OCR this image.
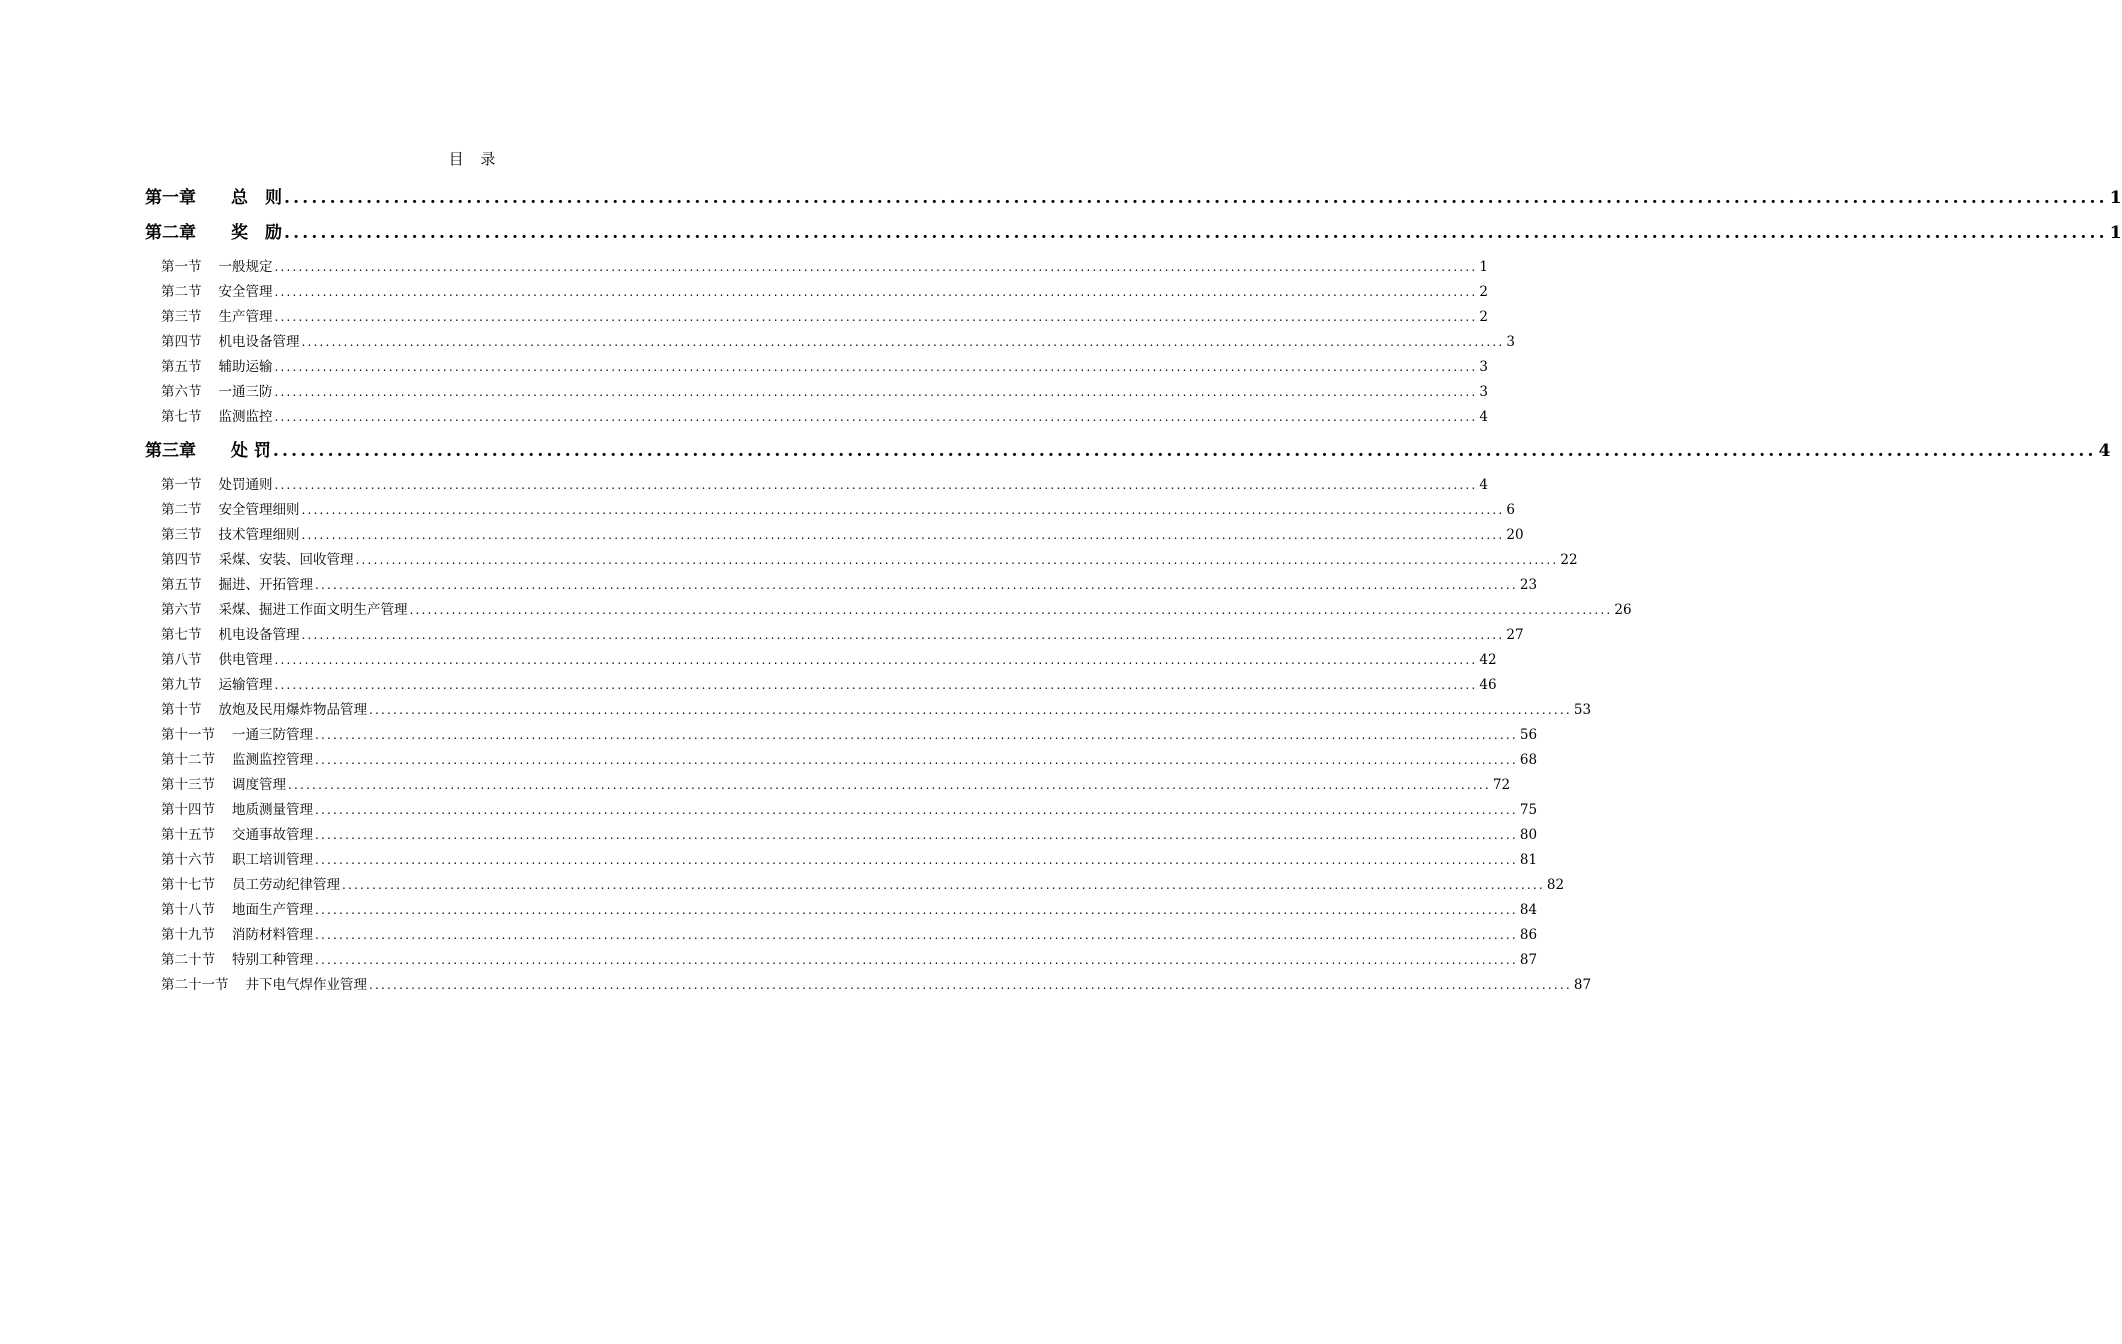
目 录
第一章 总　则 ........................................................................................................................................................................................................ 1
第二章 奖　励 ........................................................................................................................................................................................................ 1
第一节 一般规定 ........................................................................................................................................................................................................ 1
第二节 安全管理 ........................................................................................................................................................................................................ 2
第三节 生产管理 ........................................................................................................................................................................................................ 2
第四节 机电设备管理 ........................................................................................................................................................................................................ 3
第五节 辅助运输 ........................................................................................................................................................................................................ 3
第六节 一通三防 ........................................................................................................................................................................................................ 3
第七节 监测监控 ........................................................................................................................................................................................................ 4
第三章 处 罚 ........................................................................................................................................................................................................ 4
第一节 处罚通则 ........................................................................................................................................................................................................ 4
第二节 安全管理细则 ........................................................................................................................................................................................................ 6
第三节 技术管理细则 ........................................................................................................................................................................................................ 20
第四节 采煤、安装、回收管理 ........................................................................................................................................................................................................ 22
第五节 掘进、开拓管理 ........................................................................................................................................................................................................ 23
第六节 采煤、掘进工作面文明生产管理 ........................................................................................................................................................................................................ 26
第七节 机电设备管理 ........................................................................................................................................................................................................ 27
第八节 供电管理 ........................................................................................................................................................................................................ 42
第九节 运输管理 ........................................................................................................................................................................................................ 46
第十节 放炮及民用爆炸物品管理 ........................................................................................................................................................................................................ 53
第十一节 一通三防管理 ........................................................................................................................................................................................................ 56
第十二节 监测监控管理 ........................................................................................................................................................................................................ 68
第十三节 调度管理 ........................................................................................................................................................................................................ 72
第十四节 地质测量管理 ........................................................................................................................................................................................................ 75
第十五节 交通事故管理 ........................................................................................................................................................................................................ 80
第十六节 职工培训管理 ........................................................................................................................................................................................................ 81
第十七节 员工劳动纪律管理 ........................................................................................................................................................................................................ 82
第十八节 地面生产管理 ........................................................................................................................................................................................................ 84
第十九节 消防材料管理 ........................................................................................................................................................................................................ 86
第二十节 特别工种管理 ........................................................................................................................................................................................................ 87
第二十一节 井下电气焊作业管理 ........................................................................................................................................................................................................ 87
